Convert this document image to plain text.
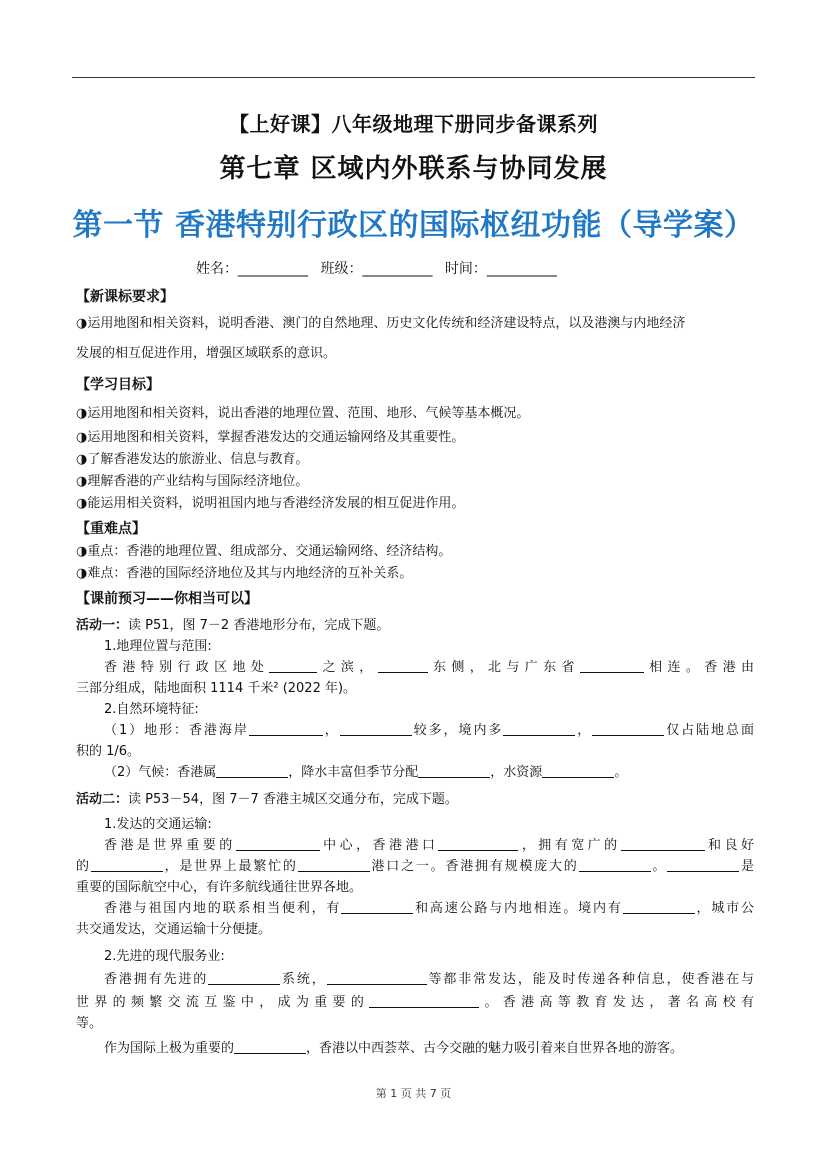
【上好课】八年级地理下册同步备课系列
第七章 区域内外联系与协同发展
第一节 香港特别行政区的国际枢纽功能（导学案）
姓名：__________ 班级：__________ 时间：__________

【新课标要求】

◑运用地图和相关资料，说明香港、澳门的自然地理、历史文化传统和经济建设特点，以及港澳与内地经济

发展的相互促进作用，增强区域联系的意识。

【学习目标】

◑运用地图和相关资料，说出香港的地理位置、范围、地形、气候等基本概况。

◑运用地图和相关资料，掌握香港发达的交通运输网络及其重要性。

◑了解香港发达的旅游业、信息与教育。

◑理解香港的产业结构与国际经济地位。

◑能运用相关资料，说明祖国内地与香港经济发展的相互促进作用。

【重难点】

◑重点：香港的地理位置、组成部分、交通运输网络、经济结构。

◑难点：香港的国际经济地位及其与内地经济的互补关系。

【课前预习——你相当可以】

活动一：读 P51，图 7－2 香港地形分布，完成下题。

1.地理位置与范围:

香港特别行政区地处	之滨，	东侧，北与广东省	相连。香港由

三部分组成，陆地面积 1114 千米² (2022 年)。

2.自然环境特征:

（1）地形：香港海岸	，	较多，境内多	，	仅占陆地总面

积的 1/6。

（2）气候：香港属	，降水丰富但季节分配	，水资源	。

活动二：读 P53－54，图 7－7 香港主城区交通分布，完成下题。

1.发达的交通运输:

香港是世界重要的	中心，香港港口	，拥有宽广的	和良好

的	，是世界上最繁忙的	港口之一。香港拥有规模庞大的	。	是

重要的国际航空中心，有许多航线通往世界各地。

香港与祖国内地的联系相当便利，有	和高速公路与内地相连。境内有	，城市公

共交通发达，交通运输十分便捷。

2.先进的现代服务业:

香港拥有先进的	系统，	等都非常发达，能及时传递各种信息，使香港在与

世界的频繁交流互鉴中，成为重要的	。香港高等教育发达，著名高校有

等。

作为国际上极为重要的	，香港以中西荟萃、古今交融的魅力吸引着来自世界各地的游客。

第 1 页 共 7 页
